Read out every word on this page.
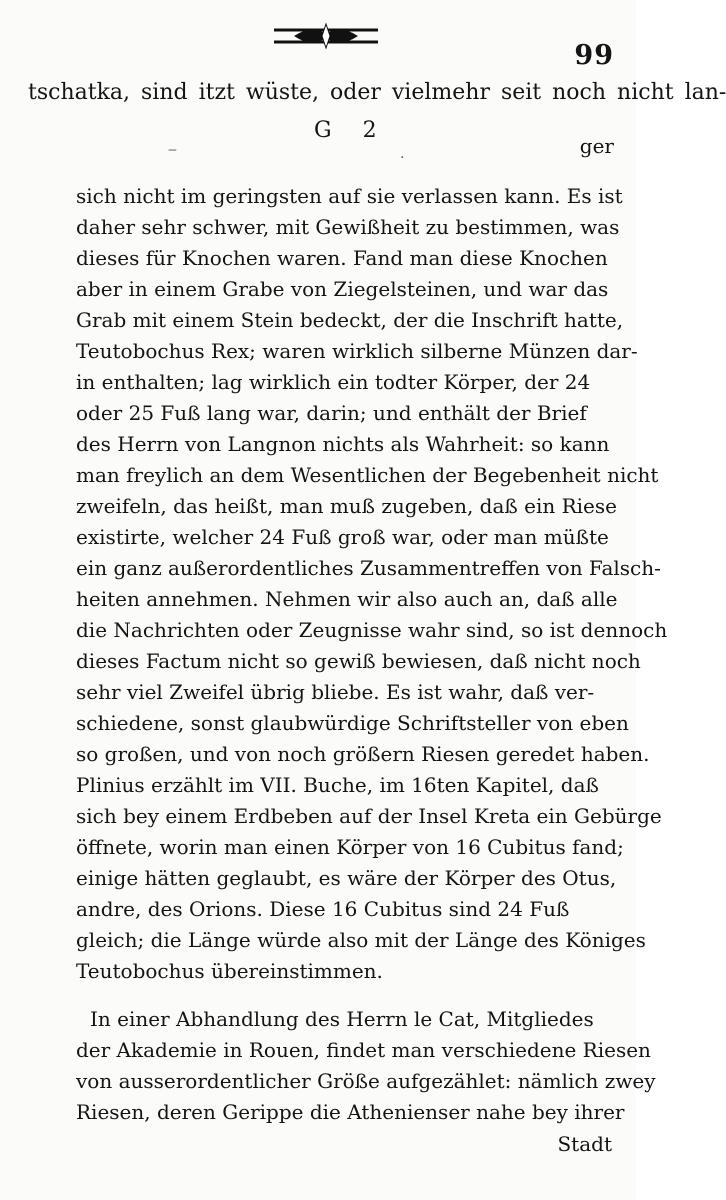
99
tschatka, sind itzt wüste, oder vielmehr seit noch nicht lan-
G 2
ger
‒	·
sich nicht im geringsten auf sie verlassen kann. Es ist
daher sehr schwer, mit Gewißheit zu bestimmen, was
dieses für Knochen waren. Fand man diese Knochen
aber in einem Grabe von Ziegelsteinen, und war das
Grab mit einem Stein bedeckt, der die Inschrift hatte,
Teutobochus Rex; waren wirklich silberne Münzen dar-
in enthalten; lag wirklich ein todter Körper, der 24
oder 25 Fuß lang war, darin; und enthält der Brief
des Herrn von Langnon nichts als Wahrheit: so kann
man freylich an dem Wesentlichen der Begebenheit nicht
zweifeln, das heißt, man muß zugeben, daß ein Riese
existirte, welcher 24 Fuß groß war, oder man müßte
ein ganz außerordentliches Zusammentreffen von Falsch-
heiten annehmen. Nehmen wir also auch an, daß alle
die Nachrichten oder Zeugnisse wahr sind, so ist dennoch
dieses Factum nicht so gewiß bewiesen, daß nicht noch
sehr viel Zweifel übrig bliebe. Es ist wahr, daß ver-
schiedene, sonst glaubwürdige Schriftsteller von eben
so großen, und von noch größern Riesen geredet haben.
Plinius erzählt im VII. Buche, im 16ten Kapitel, daß
sich bey einem Erdbeben auf der Insel Kreta ein Gebürge
öffnete, worin man einen Körper von 16 Cubitus fand;
einige hätten geglaubt, es wäre der Körper des Otus,
andre, des Orions. Diese 16 Cubitus sind 24 Fuß
gleich; die Länge würde also mit der Länge des Königes
Teutobochus übereinstimmen.
In einer Abhandlung des Herrn le Cat, Mitgliedes
der Akademie in Rouen, findet man verschiedene Riesen
von ausserordentlicher Größe aufgezählet: nämlich zwey
Riesen, deren Gerippe die Athenienser nahe bey ihrer
Stadt
